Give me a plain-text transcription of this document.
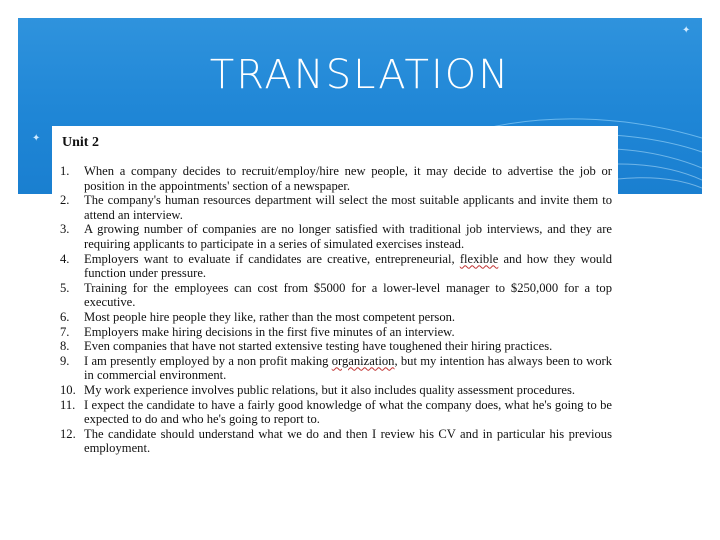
✦
✦
TRANSLATION
Unit 2
1. When a company decides to recruit/employ/hire new people, it may decide to advertise the job or position in the appointments' section of a newspaper.
2. The company's human resources department will select the most suitable applicants and invite them to attend an interview.
3. A growing number of companies are no longer satisfied with traditional job interviews, and they are requiring applicants to participate in a series of simulated exercises instead.
4. Employers want to evaluate if candidates are creative, entrepreneurial, flexible and how they would function under pressure.
5. Training for the employees can cost from $5000 for a lower-level manager to $250,000 for a top executive.
6. Most people hire people they like, rather than the most competent person.
7. Employers make hiring decisions in the first five minutes of an interview.
8. Even companies that have not started extensive testing have toughened their hiring practices.
9. I am presently employed by a non profit making organization, but my intention has always been to work in commercial environment.
10. My work experience involves public relations, but it also includes quality assessment procedures.
11. I expect the candidate to have a fairly good knowledge of what the company does, what he's going to be expected to do and who he's going to report to.
12. The candidate should understand what we do and then I review his CV and in particular his previous employment.
